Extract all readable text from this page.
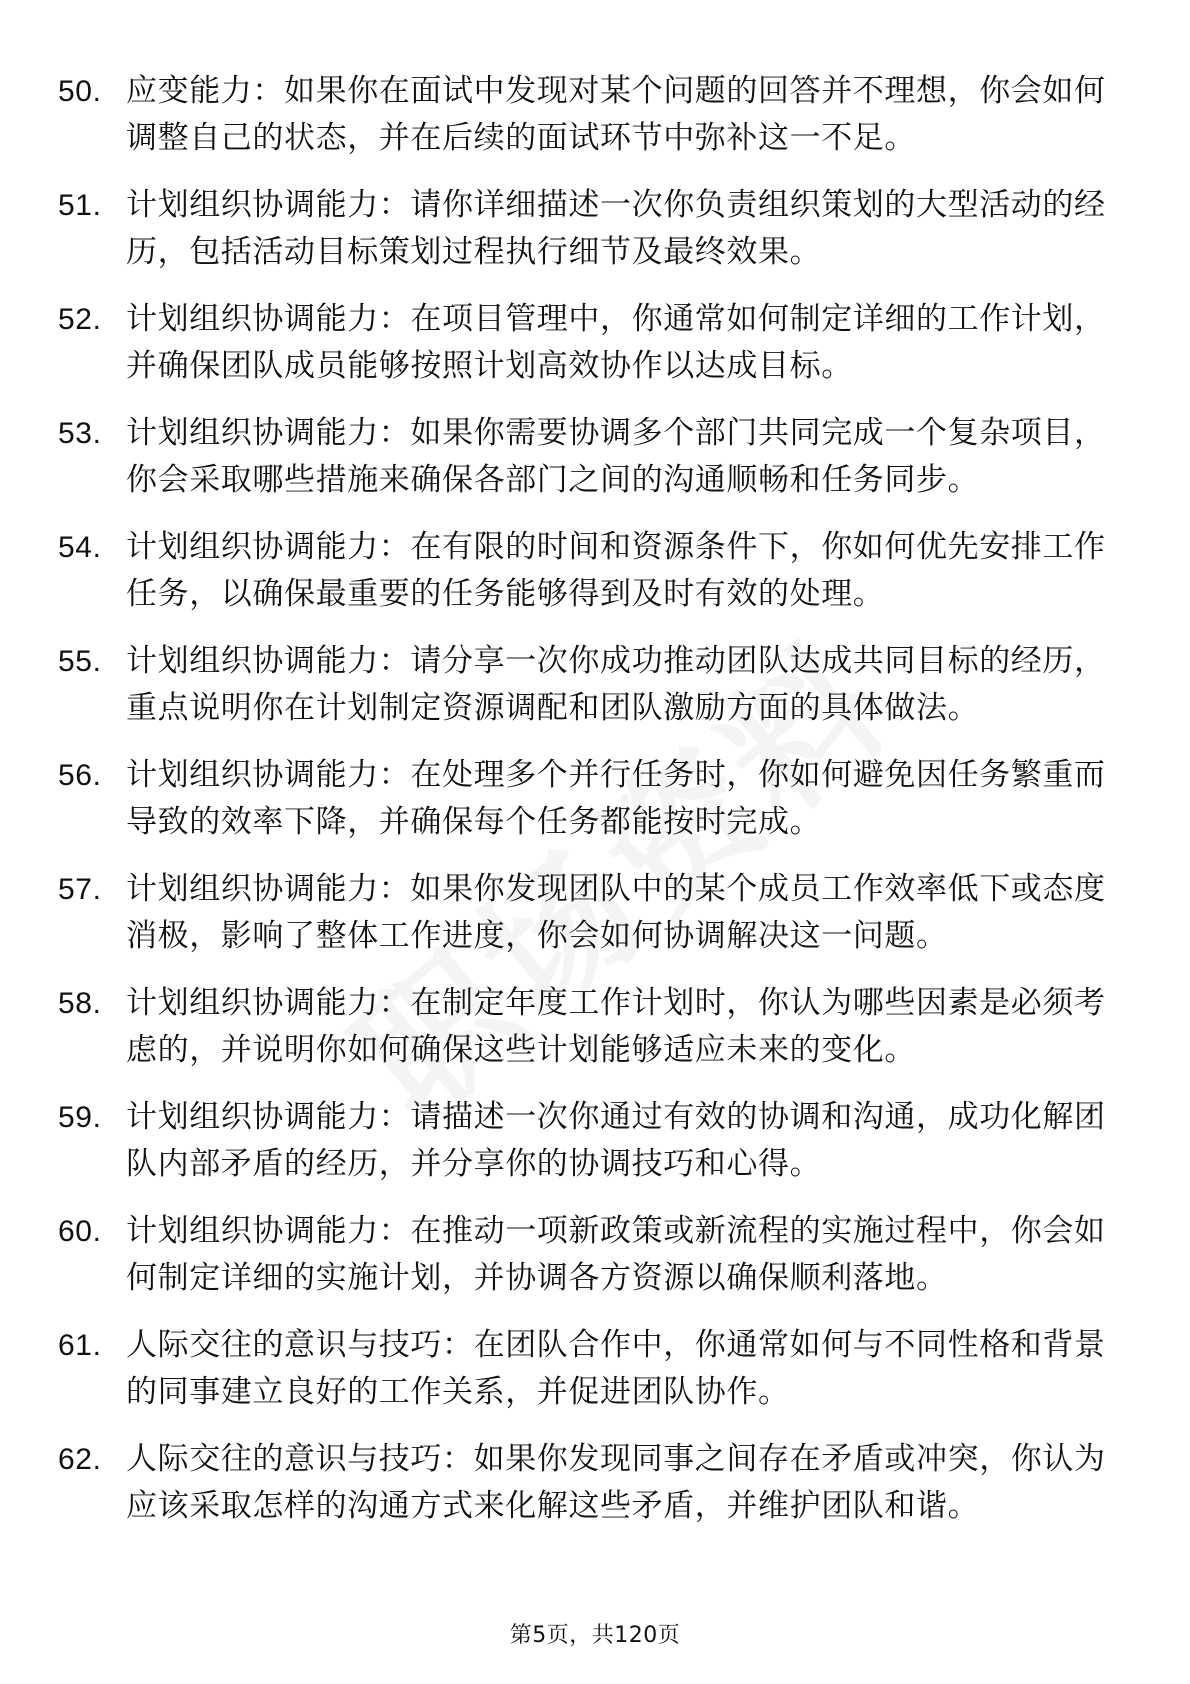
50. 应变能力：如果你在面试中发现对某个问题的回答并不理想，你会如何调整自己的状态，并在后续的面试环节中弥补这一不足。
51. 计划组织协调能力：请你详细描述一次你负责组织策划的大型活动的经历，包括活动目标策划过程执行细节及最终效果。
52. 计划组织协调能力：在项目管理中，你通常如何制定详细的工作计划，并确保团队成员能够按照计划高效协作以达成目标。
53. 计划组织协调能力：如果你需要协调多个部门共同完成一个复杂项目，你会采取哪些措施来确保各部门之间的沟通顺畅和任务同步。
54. 计划组织协调能力：在有限的时间和资源条件下，你如何优先安排工作任务，以确保最重要的任务能够得到及时有效的处理。
55. 计划组织协调能力：请分享一次你成功推动团队达成共同目标的经历，重点说明你在计划制定资源调配和团队激励方面的具体做法。
56. 计划组织协调能力：在处理多个并行任务时，你如何避免因任务繁重而导致的效率下降，并确保每个任务都能按时完成。
57. 计划组织协调能力：如果你发现团队中的某个成员工作效率低下或态度消极，影响了整体工作进度，你会如何协调解决这一问题。
58. 计划组织协调能力：在制定年度工作计划时，你认为哪些因素是必须考虑的，并说明你如何确保这些计划能够适应未来的变化。
59. 计划组织协调能力：请描述一次你通过有效的协调和沟通，成功化解团队内部矛盾的经历，并分享你的协调技巧和心得。
60. 计划组织协调能力：在推动一项新政策或新流程的实施过程中，你会如何制定详细的实施计划，并协调各方资源以确保顺利落地。
61. 人际交往的意识与技巧：在团队合作中，你通常如何与不同性格和背景的同事建立良好的工作关系，并促进团队协作。
62. 人际交往的意识与技巧：如果你发现同事之间存在矛盾或冲突，你认为应该采取怎样的沟通方式来化解这些矛盾，并维护团队和谐。
第5页，共120页
